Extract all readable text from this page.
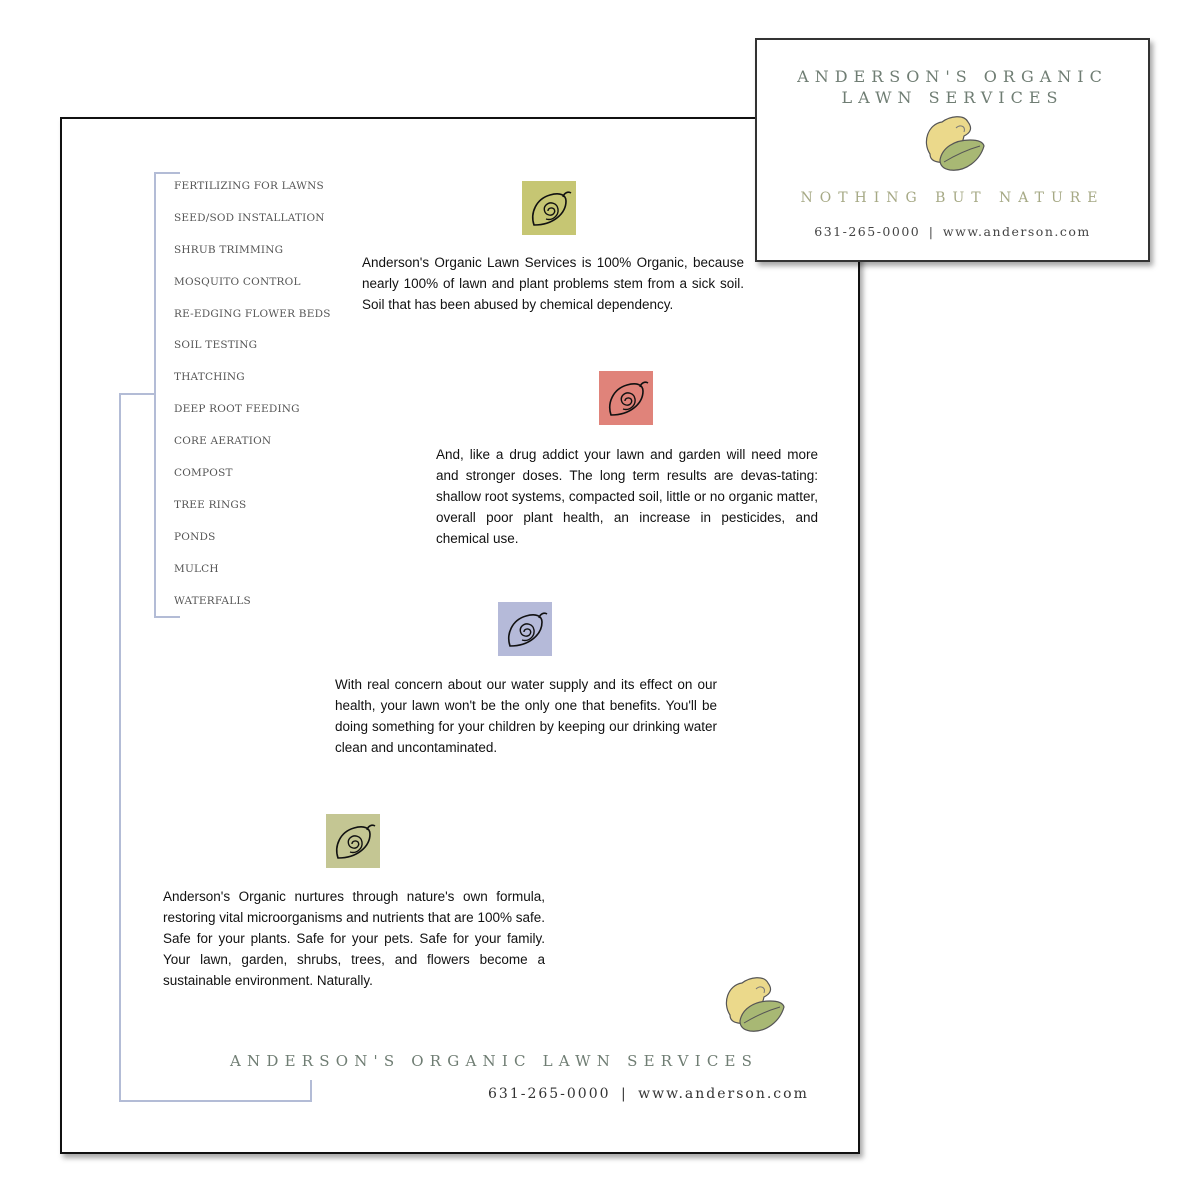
FERTILIZING FOR LAWNS
SEED/SOD INSTALLATION
SHRUB TRIMMING
MOSQUITO CONTROL
RE-EDGING FLOWER BEDS
SOIL TESTING
THATCHING
DEEP ROOT FEEDING
CORE AERATION
COMPOST
TREE RINGS
PONDS
MULCH
WATERFALLS

Anderson's Organic Lawn Services is 100% Organic, because nearly 100% of lawn and plant problems stem from a sick soil. Soil that has been abused by chemical dependency.

And, like a drug addict your lawn and garden will need more and stronger doses. The long term results are devas-tating: shallow root systems, compacted soil, little or no organic matter, overall poor plant health, an increase in pesticides, and chemical use.

With real concern about our water supply and its effect on our health, your lawn won't be the only one that benefits. You'll be doing something for your children by keeping our drinking water clean and uncontaminated.

Anderson's Organic nurtures through nature's own formula, restoring vital microorganisms and nutrients that are 100% safe. Safe for your plants. Safe for your pets. Safe for your family. Your lawn, garden, shrubs, trees, and flowers become a sustainable environment. Naturally.

ANDERSON'S ORGANIC LAWN SERVICES
631-265-0000 | www.anderson.com
ANDERSON'S ORGANIC
LAWN SERVICES
NOTHING BUT NATURE
631-265-0000 | www.anderson.com
